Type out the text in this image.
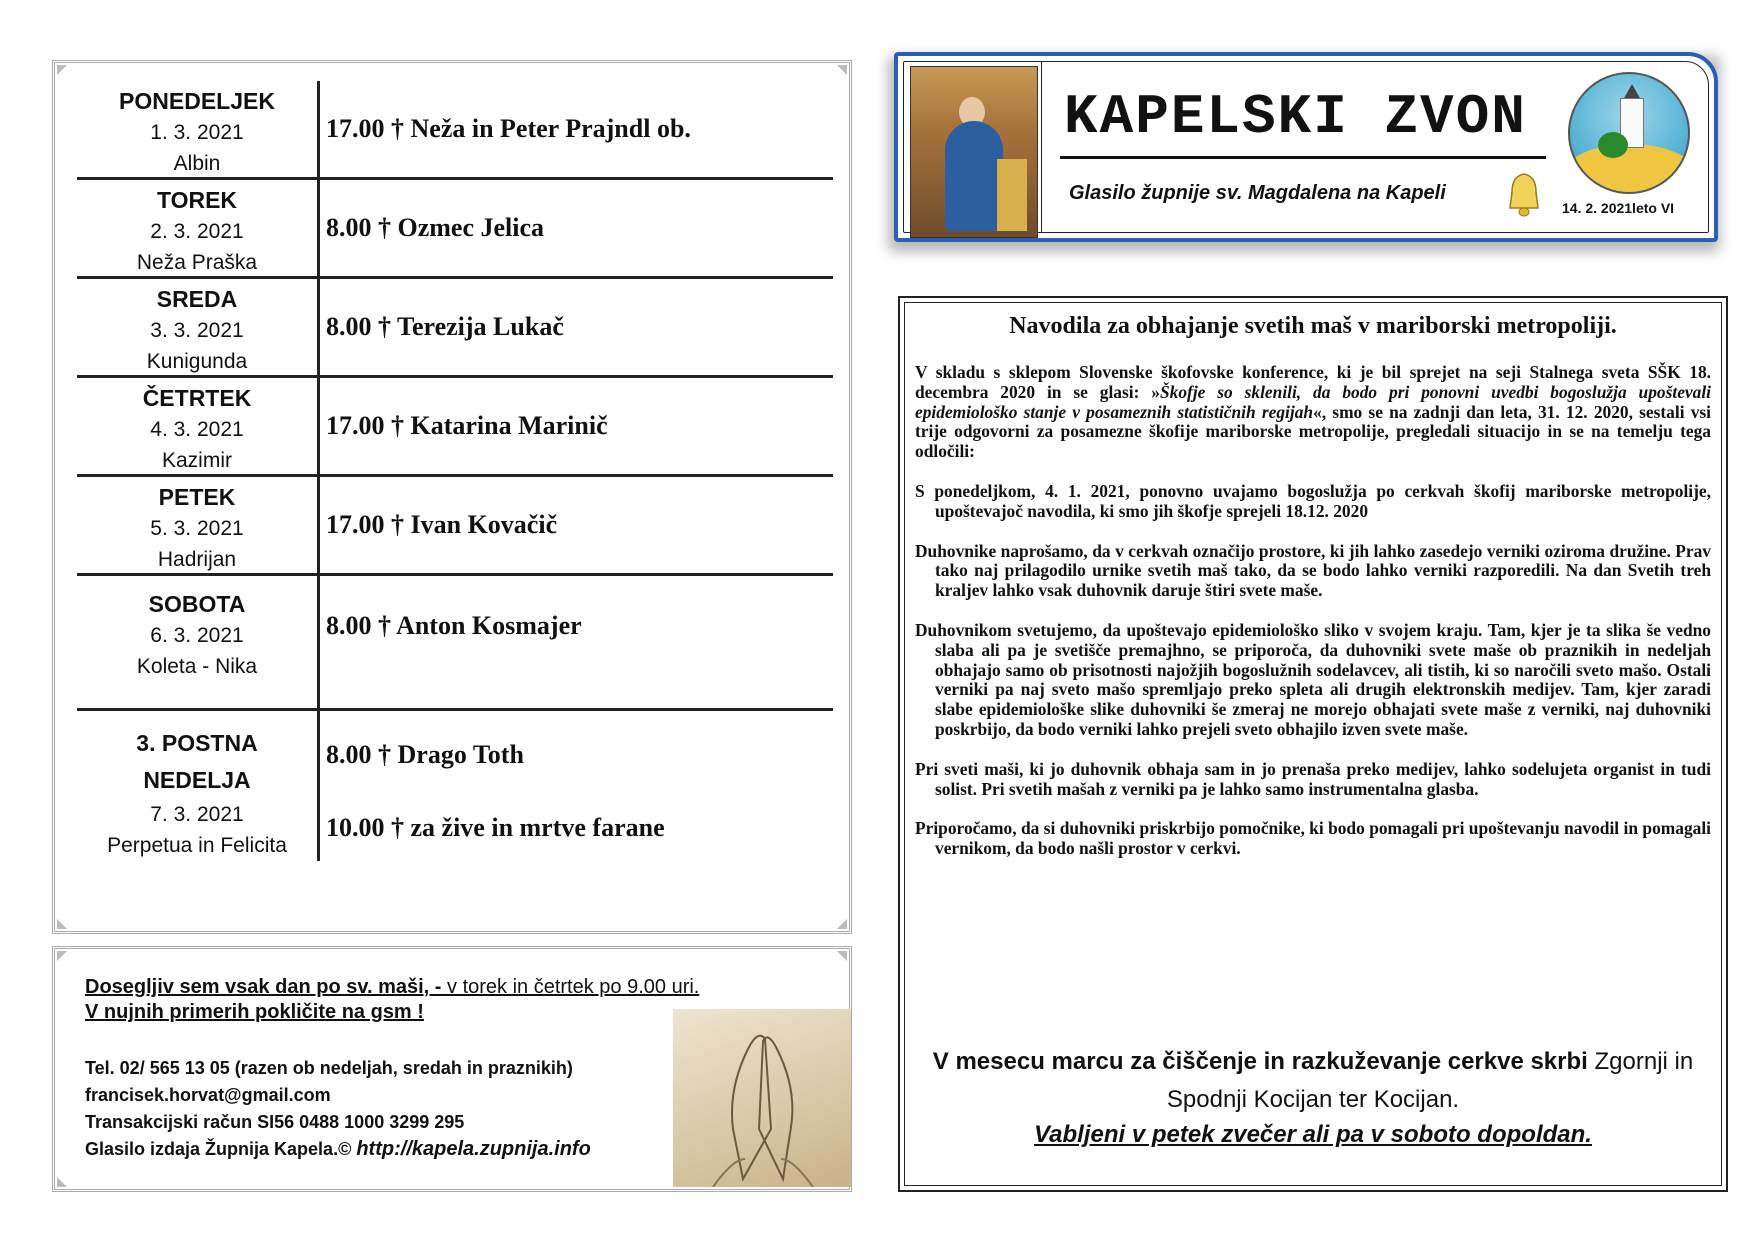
PONEDELJEK
1. 3. 2021
Albin
17.00 † Neža in Peter Prajndl ob.
TOREK
2. 3. 2021
Neža Praška
8.00 † Ozmec Jelica
SREDA
3. 3. 2021
Kunigunda
8.00 † Terezija Lukač
ČETRTEK
4. 3. 2021
Kazimir
17.00 † Katarina Marinič
PETEK
5. 3. 2021
Hadrijan
17.00 † Ivan Kovačič
SOBOTA
6. 3. 2021
Koleta - Nika
8.00 † Anton Kosmajer
3. POSTNA NEDELJA
7. 3. 2021
Perpetua in Felicita
8.00 † Drago Toth
10.00 † za žive in mrtve farane
Dosegljiv sem vsak dan po sv. maši, - v torek in četrtek po 9.00 uri.
V nujnih primerih pokličite na gsm !
Tel. 02/ 565 13 05 (razen ob nedeljah, sredah in praznikih)
francisek.horvat@gmail.com
Transakcijski račun SI56 0488 1000 3299 295
Glasilo izdaja Župnija Kapela.© http://kapela.zupnija.info
KAPELSKI ZVON
Glasilo župnije sv. Magdalena na Kapeli
14. 2. 2021leto VI
Navodila za obhajanje svetih maš v mariborski metropoliji.

V skladu s sklepom Slovenske škofovske konference, ki je bil sprejet na seji Stalnega sveta SŠK 18. decembra 2020 in se glasi: »Škofje so sklenili, da bodo pri ponovni uvedbi bogoslužja upoštevali epidemiološko stanje v posameznih statističnih regijah«, smo se na zadnji dan leta, 31. 12. 2020, sestali vsi trije odgovorni za posamezne škofije mariborske metropolije, pregledali situacijo in se na temelju tega odločili:

S ponedeljkom, 4. 1. 2021, ponovno uvajamo bogoslužja po cerkvah škofij mariborske metropolije, upoštevajoč navodila, ki smo jih škofje sprejeli 18.12. 2020

Duhovnike naprošamo, da v cerkvah označijo prostore, ki jih lahko zasedejo verniki oziroma družine. Prav tako naj prilagodilo urnike svetih maš tako, da se bodo lahko verniki razporedili. Na dan Svetih treh kraljev lahko vsak duhovnik daruje štiri svete maše.

Duhovnikom svetujemo, da upoštevajo epidemiološko sliko v svojem kraju. Tam, kjer je ta slika še vedno slaba ali pa je svetišče premajhno, se priporoča, da duhovniki svete maše ob praznikih in nedeljah obhajajo samo ob prisotnosti najožjih bogoslužnih sodelavcev, ali tistih, ki so naročili sveto mašo. Ostali verniki pa naj sveto mašo spremljajo preko spleta ali drugih elektronskih medijev. Tam, kjer zaradi slabe epidemiološke slike duhovniki še zmeraj ne morejo obhajati svete maše z verniki, naj duhovniki poskrbijo, da bodo verniki lahko prejeli sveto obhajilo izven svete maše.

Pri sveti maši, ki jo duhovnik obhaja sam in jo prenaša preko medijev, lahko sodelujeta organist in tudi solist. Pri svetih mašah z verniki pa je lahko samo instrumentalna glasba.

Priporočamo, da si duhovniki priskrbijo pomočnike, ki bodo pomagali pri upoštevanju navodil in pomagali vernikom, da bodo našli prostor v cerkvi.

V mesecu marcu za čiščenje in razkuževanje cerkve skrbi Zgornji in Spodnji Kocijan ter Kocijan.
Vabljeni v petek zvečer ali pa v soboto dopoldan.
